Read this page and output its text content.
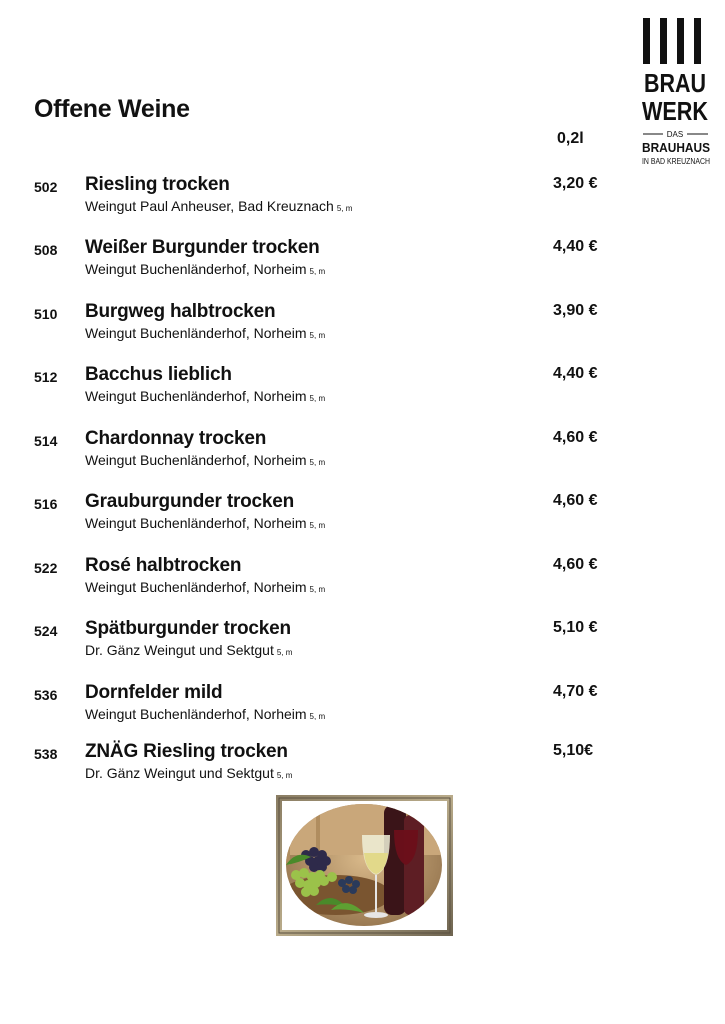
Offene Weine
0,2l
BRAU
WERK
DAS
BRAUHAUS
IN BAD KREUZNACH
502 Riesling trocken	3,20 €
Weingut Paul Anheuser, Bad Kreuznach 5, m
508 Weißer Burgunder trocken	4,40 €
Weingut Buchenländerhof, Norheim 5, m
510 Burgweg halbtrocken	3,90 €
Weingut Buchenländerhof, Norheim 5, m
512 Bacchus lieblich	4,40 €
Weingut Buchenländerhof, Norheim 5, m
514 Chardonnay trocken	4,60 €
Weingut Buchenländerhof, Norheim 5, m
516 Grauburgunder trocken	4,60 €
Weingut Buchenländerhof, Norheim 5, m
522 Rosé halbtrocken	4,60 €
Weingut Buchenländerhof, Norheim 5, m
524 Spätburgunder trocken	5,10 €
Dr. Gänz Weingut und Sektgut 5, m
536 Dornfelder mild	4,70 €
Weingut Buchenländerhof, Norheim 5, m
538 ZNÄG Riesling trocken	5,10€
Dr. Gänz Weingut und Sektgut 5, m
